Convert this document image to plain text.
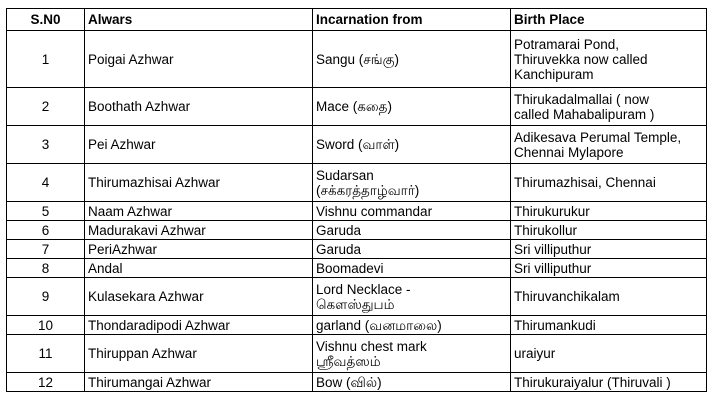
S.N0	Alwars	Incarnation from	Birth Place
1	Poigai Azhwar	Sangu (சங்கு)	Potramarai Pond,
Thiruvekka now called
Kanchipuram

2	Boothath Azhwar	Mace (கதை)	Thirukadalmallai ( now
called Mahabalipuram )

3	Pei Azhwar	Sword (வாள்)	Adikesava Perumal Temple,
Chennai Mylapore

4	Thirumazhisai Azhwar	Sudarsan
(சக்கரத்தாழ்வார்)	Thirumazhisai, Chennai

5	Naam Azhwar	Vishnu commandar	Thirukurukur

6	Madurakavi Azhwar	Garuda	Thirukollur

7	PeriAzhwar	Garuda	Sri villiputhur

8	Andal	Boomadevi	Sri villiputhur

9	Kulasekara Azhwar	Lord Necklace -
கௌஸ்துபம்	Thiruvanchikalam

10	Thondaradipodi Azhwar	garland (வனமாலை)	Thirumankudi

11	Thiruppan Azhwar	Vishnu chest mark
ஸ்ரீவத்ஸம்	uraiyur

12	Thirumangai Azhwar	Bow (வில்)	Thirukuraiyalur (Thiruvali )
